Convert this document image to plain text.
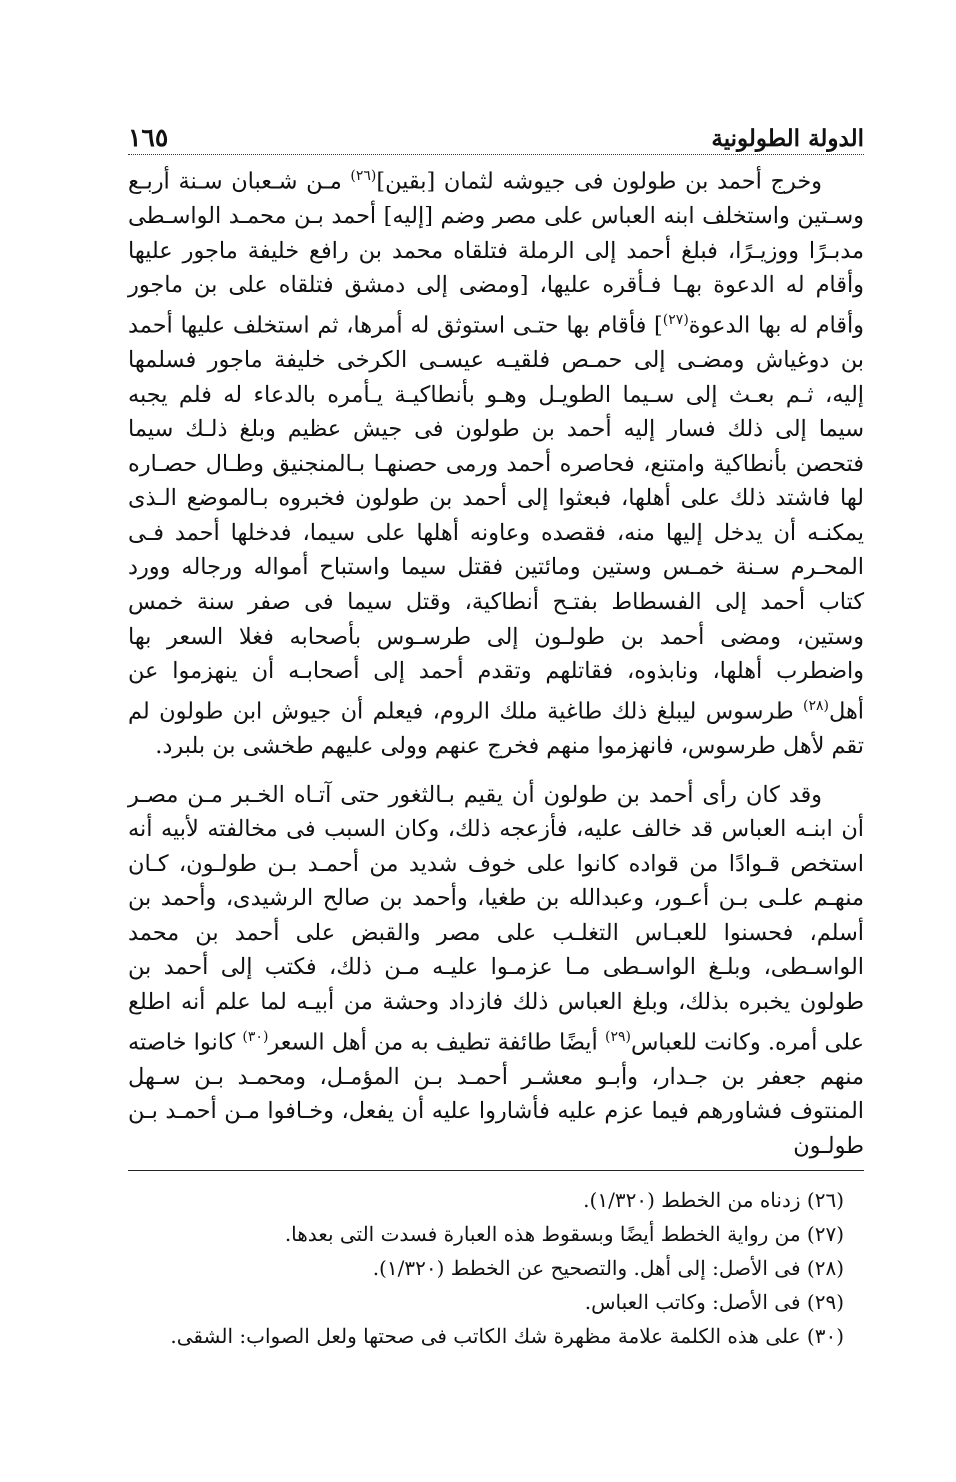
الدولة الطولونية
١٦٥

وخرج أحمد بن طولون فى جيوشه لثمان [بقين]$^{(٢٦)}$ مـن شـعبان سـنة أربـع وسـتين واستخلف ابنه العباس على مصر وضم [إليه] أحمد بـن محمـد الواسـطى مدبـرًا ووزيـرًا، فبلغ أحمد إلى الرملة فتلقاه محمد بن رافع خليفة ماجور عليها وأقام له الدعوة بهـا فـأقره عليها، [ومضى إلى دمشق فتلقاه على بن ماجور وأقام له بها الدعوة$^{(٢٧)}$] فأقام بها حتـى استوثق له أمرها، ثم استخلف عليها أحمد بن دوغياش ومضـى إلى حمـص فلقيـه عيسـى الكرخى خليفة ماجور فسلمها إليه، ثـم بعـث إلى سـيما الطويـل وهـو بأنطاكيـة يـأمره بالدعاء له فلم يجبه سيما إلى ذلك فسار إليه أحمد بن طولون فى جيش عظيم وبلغ ذلـك سيما فتحصن بأنطاكية وامتنع، فحاصره أحمد ورمى حصنهـا بـالمنجنيق وطـال حصـاره لها فاشتد ذلك على أهلها، فبعثوا إلى أحمد بن طولون فخبروه بـالموضع الـذى يمكنـه أن يدخل إليها منه، فقصده وعاونه أهلها على سيما، فدخلها أحمد فـى المحـرم سـنة خمـس وستين ومائتين فقتل سيما واستباح أمواله ورجاله وورد كتاب أحمد إلى الفسطاط بفتـح أنطاكية، وقتل سيما فى صفر سنة خمس وستين، ومضى أحمد بن طولـون إلى طرسـوس بأصحابه فغلا السعر بها واضطرب أهلها، ونابذوه، فقاتلهم وتقدم أحمد إلى أصحابـه أن ينهزموا عن أهل$^{(٢٨)}$ طرسوس ليبلغ ذلك طاغية ملك الروم، فيعلم أن جيوش ابن طولون لم تقم لأهل طرسوس، فانهزموا منهم فخرج عنهم وولى عليهم طخشى بن بلبرد.

وقد كان رأى أحمد بن طولون أن يقيم بـالثغور حتى آتـاه الخـبر مـن مصـر أن ابنـه العباس قد خالف عليه، فأزعجه ذلك، وكان السبب فى مخالفته لأبيه أنه استخص قـوادًا من قواده كانوا على خوف شديد من أحمـد بـن طولـون، كـان منهـم علـى بـن أعـور، وعبدالله بن طغيا، وأحمد بن صالح الرشيدى، وأحمد بن أسلم، فحسنوا للعبـاس التغلـب على مصر والقبض على أحمد بن محمد الواسـطى، وبلـغ الواسـطى مـا عزمـوا عليـه مـن ذلك، فكتب إلى أحمد بن طولون يخبره بذلك، وبلغ العباس ذلك فازداد وحشة من أبيـه لما علم أنه اطلع على أمره. وكانت للعباس$^{(٢٩)}$ أيضًا طائفة تطيف به من أهل السعر$^{(٣٠)}$ كانوا خاصته منهم جعفر بن جـدار، وأبـو معشـر أحمـد بـن المؤمـل، ومحمـد بـن سـهل المنتوف فشاورهم فيما عزم عليه فأشاروا عليه أن يفعل، وخـافوا مـن أحمـد بـن طولـون

(٢٦) زدناه من الخطط (١/٣٢٠).
(٢٧) من رواية الخطط أيضًا وبسقوط هذه العبارة فسدت التى بعدها.
(٢٨) فى الأصل: إلى أهل. والتصحيح عن الخطط (١/٣٢٠).
(٢٩) فى الأصل: وكاتب العباس.
(٣٠) على هذه الكلمة علامة مظهرة شك الكاتب فى صحتها ولعل الصواب: الشقى.
